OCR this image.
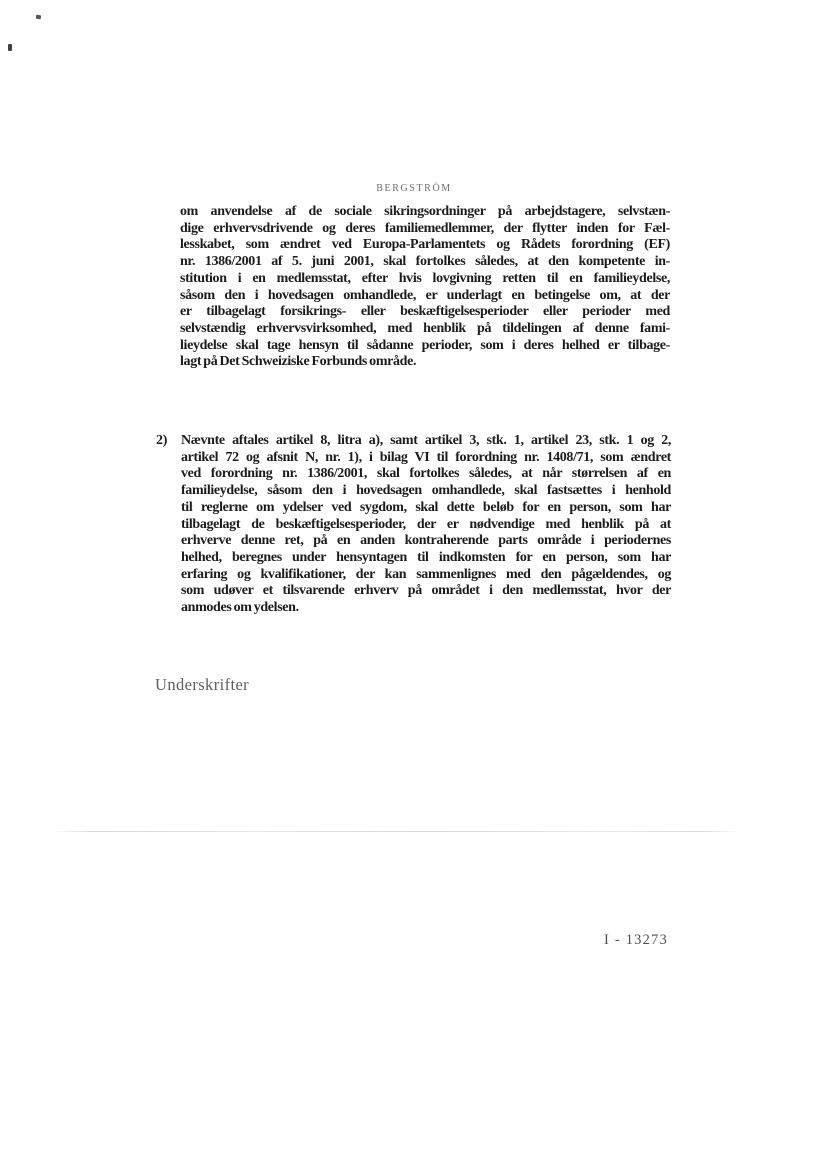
BERGSTRÖM
om anvendelse af de sociale sikringsordninger på arbejdstagere, selvstæn-
dige erhvervsdrivende og deres familiemedlemmer, der flytter inden for Fæl-
lesskabet, som ændret ved Europa-Parlamentets og Rådets forordning (EF)
nr. 1386/2001 af 5. juni 2001, skal fortolkes således, at den kompetente in-
stitution i en medlemsstat, efter hvis lovgivning retten til en familieydelse,
såsom den i hovedsagen omhandlede, er underlagt en betingelse om, at der
er tilbagelagt forsikrings- eller beskæftigelsesperioder eller perioder med
selvstændig erhvervsvirksomhed, med henblik på tildelingen af denne fami-
lieydelse skal tage hensyn til sådanne perioder, som i deres helhed er tilbage-
lagt på Det Schweiziske Forbunds område.
2) Nævnte aftales artikel 8, litra a), samt artikel 3, stk. 1, artikel 23, stk. 1 og 2,
artikel 72 og afsnit N, nr. 1), i bilag VI til forordning nr. 1408/71, som ændret
ved forordning nr. 1386/2001, skal fortolkes således, at når størrelsen af en
familieydelse, såsom den i hovedsagen omhandlede, skal fastsættes i henhold
til reglerne om ydelser ved sygdom, skal dette beløb for en person, som har
tilbagelagt de beskæftigelsesperioder, der er nødvendige med henblik på at
erhverve denne ret, på en anden kontraherende parts område i periodernes
helhed, beregnes under hensyntagen til indkomsten for en person, som har
erfaring og kvalifikationer, der kan sammenlignes med den pågældendes, og
som udøver et tilsvarende erhverv på området i den medlemsstat, hvor der
anmodes om ydelsen.
Underskrifter
I - 13273
